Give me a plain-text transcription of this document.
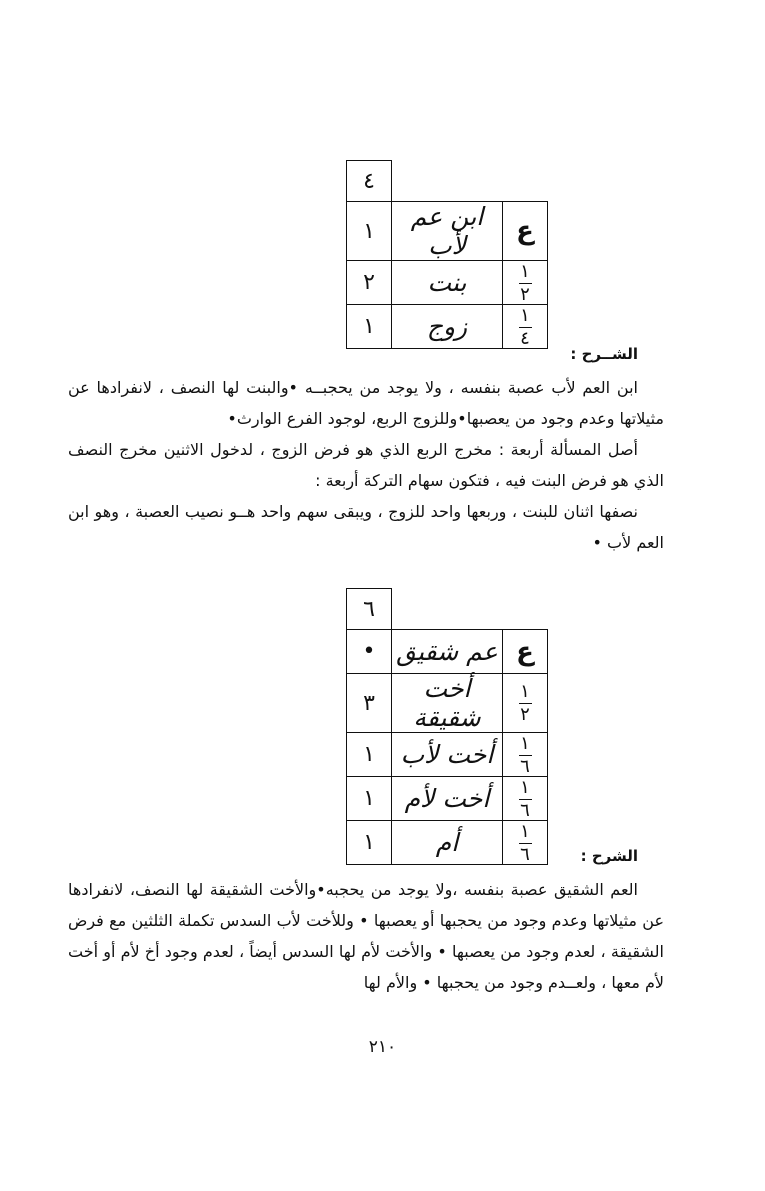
		٤
ع	ابن عم لأب	١

$\frac{١}{٢}$	بنت	٢

$\frac{١}{٤}$	زوج	١
الشــرح :

ابن العم لأب عصبة بنفسه ، ولا يوجد من يحجبــه •والبنت لها النصف ، لانفرادها عن مثيلاتها وعدم وجود من يعصبها•وللزوج الربع، لوجود الفرع الوارث•

أصل المسألة أربعة : مخرج الربع الذي هو فرض الزوج ، لدخول الاثنين مخرج النصف الذي هو فرض البنت فيه ، فتكون سهام التركة أربعة :

نصفها اثنان للبنت ، وربعها واحد للزوج ، ويبقى سهم واحد هــو نصيب العصبة ، وهو ابن العم لأب •

		٦
ع	عم شقيق	•

$\frac{١}{٢}$	أخت شقيقة	٣

$\frac{١}{٦}$	أخت لأب	١

$\frac{١}{٦}$	أخت لأم	١

$\frac{١}{٦}$	أم	١
الشرح :

العم الشقيق عصبة بنفسه ،ولا يوجد من يحجبه•والأخت الشقيقة لها النصف، لانفرادها عن مثيلاتها وعدم وجود من يحجبها أو يعصبها • وللأخت لأب السدس تكملة الثلثين مع فرض الشقيقة ، لعدم وجود من يعصبها • والأخت لأم لها السدس أيضاً ، لعدم وجود أخ لأم أو أخت لأم معها ، ولعــدم وجود من يحجبها • والأم لها

٢١٠
